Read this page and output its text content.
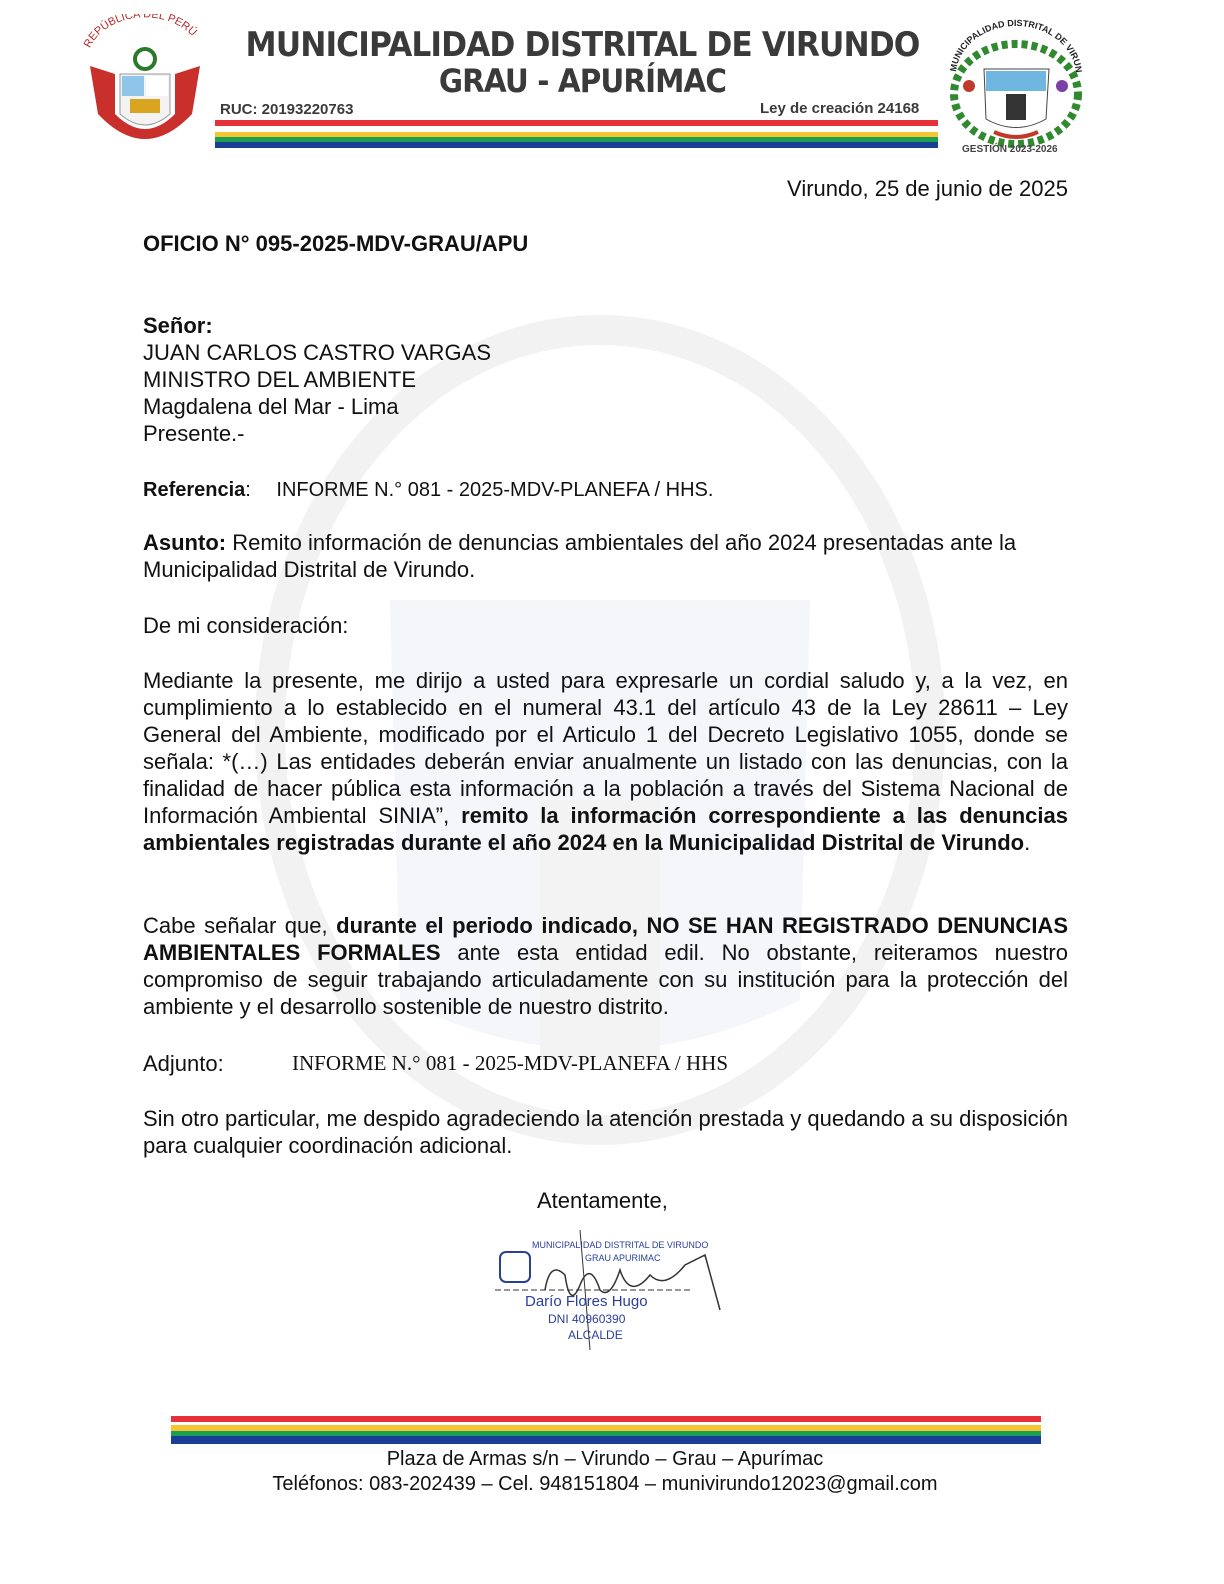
REPÚBLICA DEL PERÚ MUNICIPALIDAD DISTRITAL DE VIRUNDO
GRAU - APURÍMAC
RUC: 20193220763	Ley de creación 24168
MUNICIPALIDAD DISTRITAL DE VIRUN
GESTIÓN 2023-2026
Virundo, 25 de junio de 2025
OFICIO N° 095-2025-MDV-GRAU/APU

Señor:

JUAN CARLOS CASTRO VARGAS

MINISTRO DEL AMBIENTE

Magdalena del Mar - Lima

Presente.-

Referencia: INFORME N.° 081 - 2025-MDV-PLANEFA / HHS.
Asunto: Remito información de denuncias ambientales del año 2024 presentadas ante la Municipalidad Distrital de Virundo.
De mi consideración:
Mediante la presente, me dirijo a usted para expresarle un cordial saludo y, a la vez, en cumplimiento a lo establecido en el numeral 43.1 del artículo 43 de la Ley 28611 – Ley General del Ambiente, modificado por el Articulo 1 del Decreto Legislativo 1055, donde se señala: *(…) Las entidades deberán enviar anualmente un listado con las denuncias, con la finalidad de hacer pública esta información a la población a través del Sistema Nacional de Información Ambiental SINIA”, remito la información correspondiente a las denuncias ambientales registradas durante el año 2024 en la Municipalidad Distrital de Virundo.
Cabe señalar que, durante el periodo indicado, NO SE HAN REGISTRADO DENUNCIAS AMBIENTALES FORMALES ante esta entidad edil. No obstante, reiteramos nuestro compromiso de seguir trabajando articuladamente con su institución para la protección del ambiente y el desarrollo sostenible de nuestro distrito.
Adjunto:	INFORME N.° 081 - 2025-MDV-PLANEFA / HHS
Sin otro particular, me despido agradeciendo la atención prestada y quedando a su disposición para cualquier coordinación adicional.
Atentamente,
MUNICIPALIDAD DISTRITAL DE VIRUNDO
GRAU APURIMAC
Darío Flores Hugo
DNI 40960390
ALCALDE
Plaza de Armas s/n – Virundo – Grau – Apurímac
Teléfonos: 083-202439 – Cel. 948151804 – munivirundo12023@gmail.com
